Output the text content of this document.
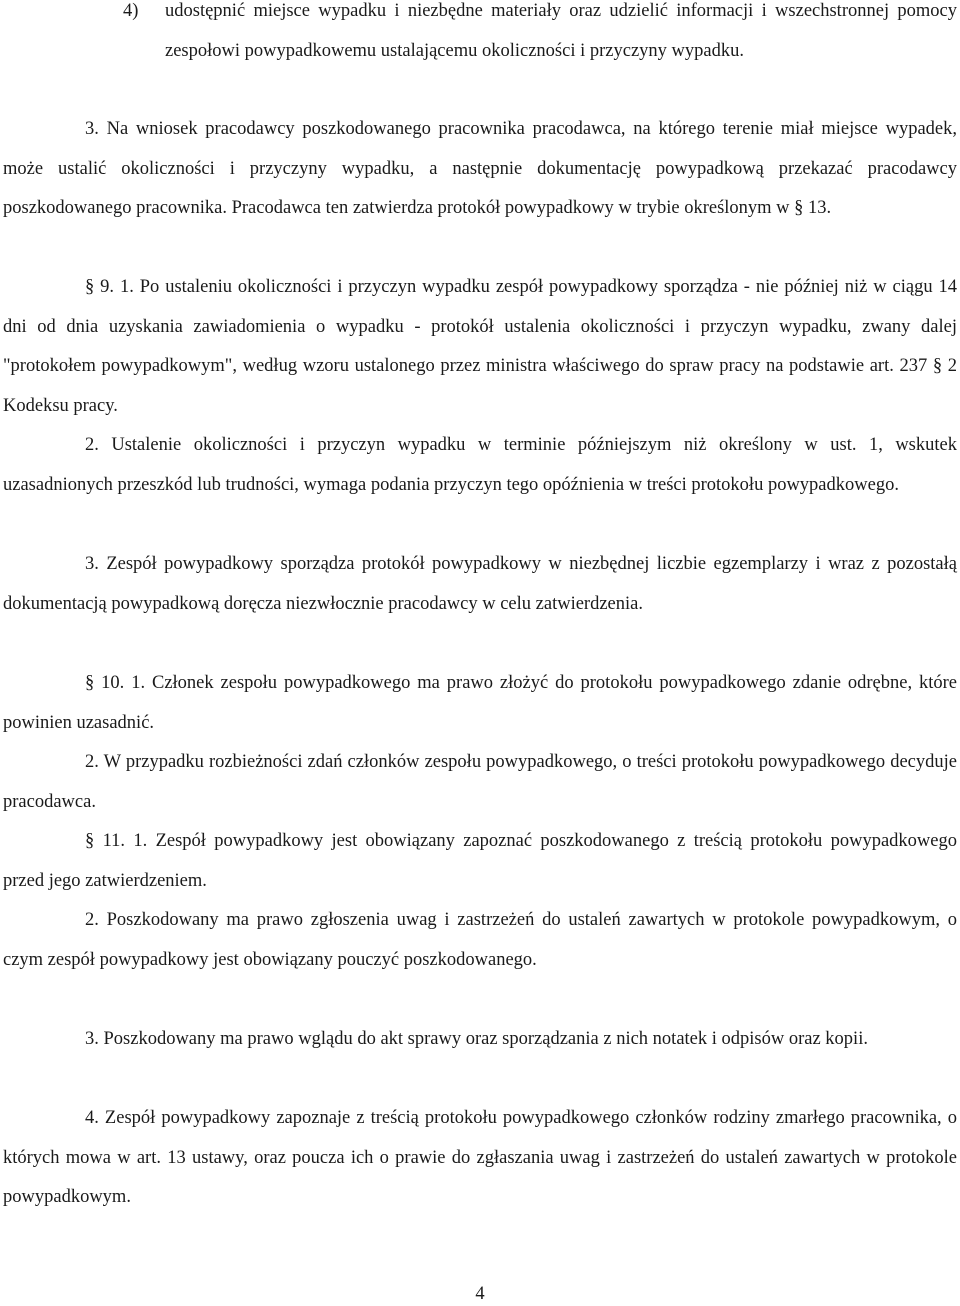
4) udostępnić miejsce wypadku i niezbędne materiały oraz udzielić informacji i wszechstronnej pomocy zespołowi powypadkowemu ustalającemu okoliczności i przyczyny wypadku.

3. Na wniosek pracodawcy poszkodowanego pracownika pracodawca, na którego terenie miał miejsce wypadek, może ustalić okoliczności i przyczyny wypadku, a następnie dokumentację powypadkową przekazać pracodawcy poszkodowanego pracownika. Pracodawca ten zatwierdza protokół powypadkowy w trybie określonym w § 13.

§ 9. 1. Po ustaleniu okoliczności i przyczyn wypadku zespół powypadkowy sporządza - nie później niż w ciągu 14 dni od dnia uzyskania zawiadomienia o wypadku - protokół ustalenia okoliczności i przyczyn wypadku, zwany dalej "protokołem powypadkowym", według wzoru ustalonego przez ministra właściwego do spraw pracy na podstawie art. 237 § 2 Kodeksu pracy.

2. Ustalenie okoliczności i przyczyn wypadku w terminie późniejszym niż określony w ust. 1, wskutek uzasadnionych przeszkód lub trudności, wymaga podania przyczyn tego opóźnienia w treści protokołu powypadkowego.

3. Zespół powypadkowy sporządza protokół powypadkowy w niezbędnej liczbie egzemplarzy i wraz z pozostałą dokumentacją powypadkową doręcza niezwłocznie pracodawcy w celu zatwierdzenia.

§ 10. 1. Członek zespołu powypadkowego ma prawo złożyć do protokołu powypadkowego zdanie odrębne, które powinien uzasadnić.

2. W przypadku rozbieżności zdań członków zespołu powypadkowego, o treści protokołu powypadkowego decyduje pracodawca.

§ 11. 1. Zespół powypadkowy jest obowiązany zapoznać poszkodowanego z treścią protokołu powypadkowego przed jego zatwierdzeniem.

2. Poszkodowany ma prawo zgłoszenia uwag i zastrzeżeń do ustaleń zawartych w protokole powypadkowym, o czym zespół powypadkowy jest obowiązany pouczyć poszkodowanego.

3. Poszkodowany ma prawo wglądu do akt sprawy oraz sporządzania z nich notatek i odpisów oraz kopii.

4. Zespół powypadkowy zapoznaje z treścią protokołu powypadkowego członków rodziny zmarłego pracownika, o których mowa w art. 13 ustawy, oraz poucza ich o prawie do zgłaszania uwag i zastrzeżeń do ustaleń zawartych w protokole powypadkowym.

4
